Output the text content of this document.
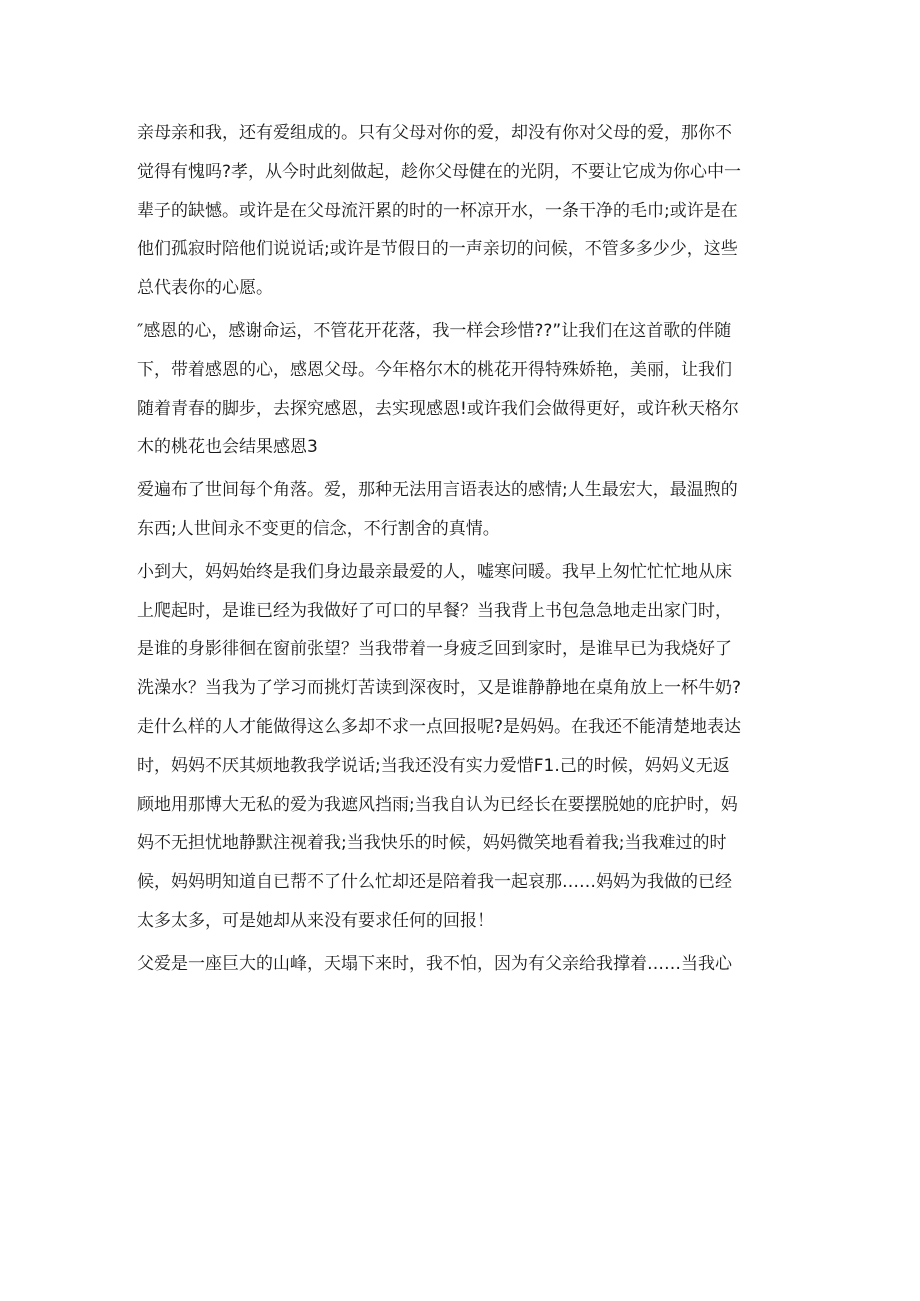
亲母亲和我，还有爱组成的。只有父母对你的爱，却没有你对父母的爱，那你不
觉得有愧吗?孝，从今时此刻做起，趁你父母健在的光阴，不要让它成为你心中一
辈子的缺憾。或许是在父母流汗累的时的一杯凉开水，一条干净的毛巾;或许是在
他们孤寂时陪他们说说话;或许是节假日的一声亲切的问候，不管多多少少，这些
总代表你的心愿。
″感恩的心，感谢命运，不管花开花落，我一样会珍惜??”让我们在这首歌的伴随
下，带着感恩的心，感恩父母。今年格尔木的桃花开得特殊娇艳，美丽，让我们
随着青春的脚步，去探究感恩，去实现感恩!或许我们会做得更好，或许秋天格尔
木的桃花也会结果感恩3
爱遍布了世间每个角落。爱，那种无法用言语表达的感情;人生最宏大，最温煦的
东西;人世间永不变更的信念，不行割舍的真情。
小到大，妈妈始终是我们身边最亲最爱的人，嘘寒问暖。我早上匆忙忙忙地从床
上爬起时，是谁已经为我做好了可口的早餐？当我背上书包急急地走出家门时，
是谁的身影徘徊在窗前张望？当我带着一身疲乏回到家时，是谁早已为我烧好了
洗澡水？当我为了学习而挑灯苦读到深夜时，又是谁静静地在桌角放上一杯牛奶?
走什么样的人才能做得这么多却不求一点回报呢?是妈妈。在我还不能清楚地表达
时，妈妈不厌其烦地教我学说话;当我还没有实力爱惜F1.己的时候，妈妈义无返
顾地用那博大无私的爱为我遮风挡雨;当我自认为已经长在要摆脱她的庇护时，妈
妈不无担忧地静默注视着我;当我快乐的时候，妈妈微笑地看着我;当我难过的时
候，妈妈明知道自已帮不了什么忙却还是陪着我一起哀那……妈妈为我做的已经
太多太多，可是她却从来没有要求任何的回报！
父爱是一座巨大的山峰，天塌下来时，我不怕，因为有父亲给我撑着……当我心
